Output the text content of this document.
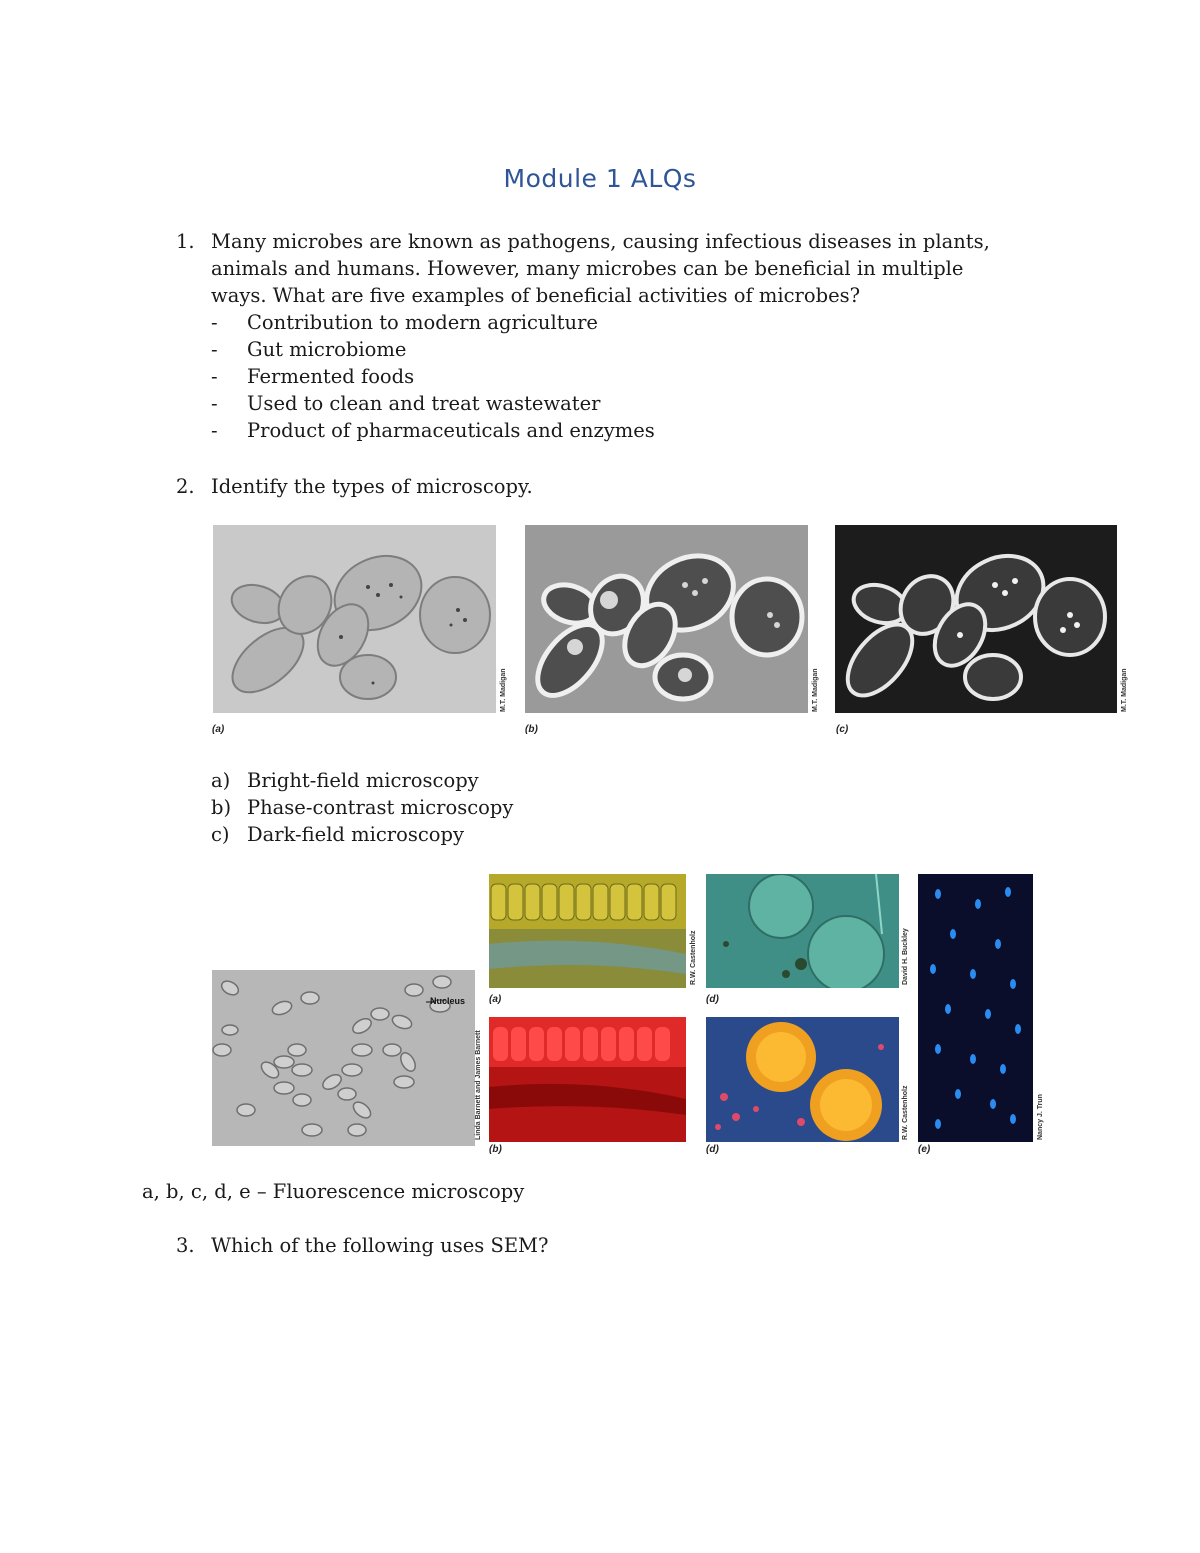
Module 1 ALQs
1. Many microbes are known as pathogens, causing infectious diseases in plants,
animals and humans. However, many microbes can be beneficial in multiple
ways. What are five examples of beneficial activities of microbes?
-	Contribution to modern agriculture
-	Gut microbiome
-	Fermented foods
-	Used to clean and treat wastewater
-	Product of pharmaceuticals and enzymes
2. Identify the types of microscopy.
M.T. Madigan
(a)
M.T. Madigan
(b)
M.T. Madigan
(c)
a) Bright-field microscopy
b) Phase-contrast microscopy
c) Dark-field microscopy
Nucleus
R.W. Castenholz
(a)
Linda Barnett and James Barnett
(b)
David H. Buckley
(d)
R.W. Castenholz
(d)
Nancy J. Trun
(e)
a, b, c, d, e – Fluorescence microscopy
3. Which of the following uses SEM?
